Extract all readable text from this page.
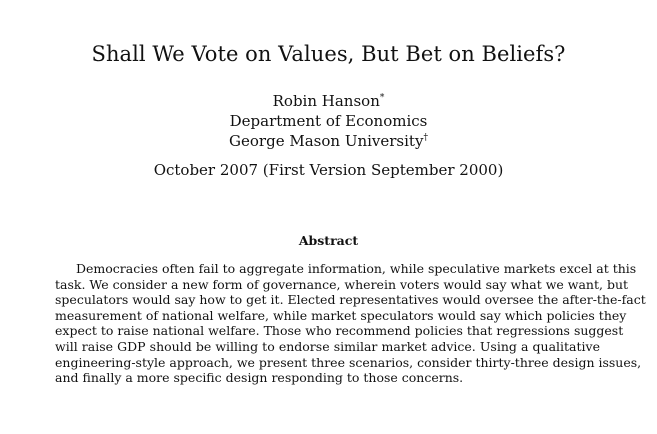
Shall We Vote on Values, But Bet on Beliefs?
Robin Hanson*
Department of Economics
George Mason University†
October 2007 (First Version September 2000)
Abstract
Democracies often fail to aggregate information, while speculative markets excel at this
task. We consider a new form of governance, wherein voters would say what we want, but
speculators would say how to get it. Elected representatives would oversee the after-the-fact
measurement of national welfare, while market speculators would say which policies they
expect to raise national welfare. Those who recommend policies that regressions suggest
will raise GDP should be willing to endorse similar market advice. Using a qualitative
engineering-style approach, we present three scenarios, consider thirty-three design issues,
and finally a more specific design responding to those concerns.
